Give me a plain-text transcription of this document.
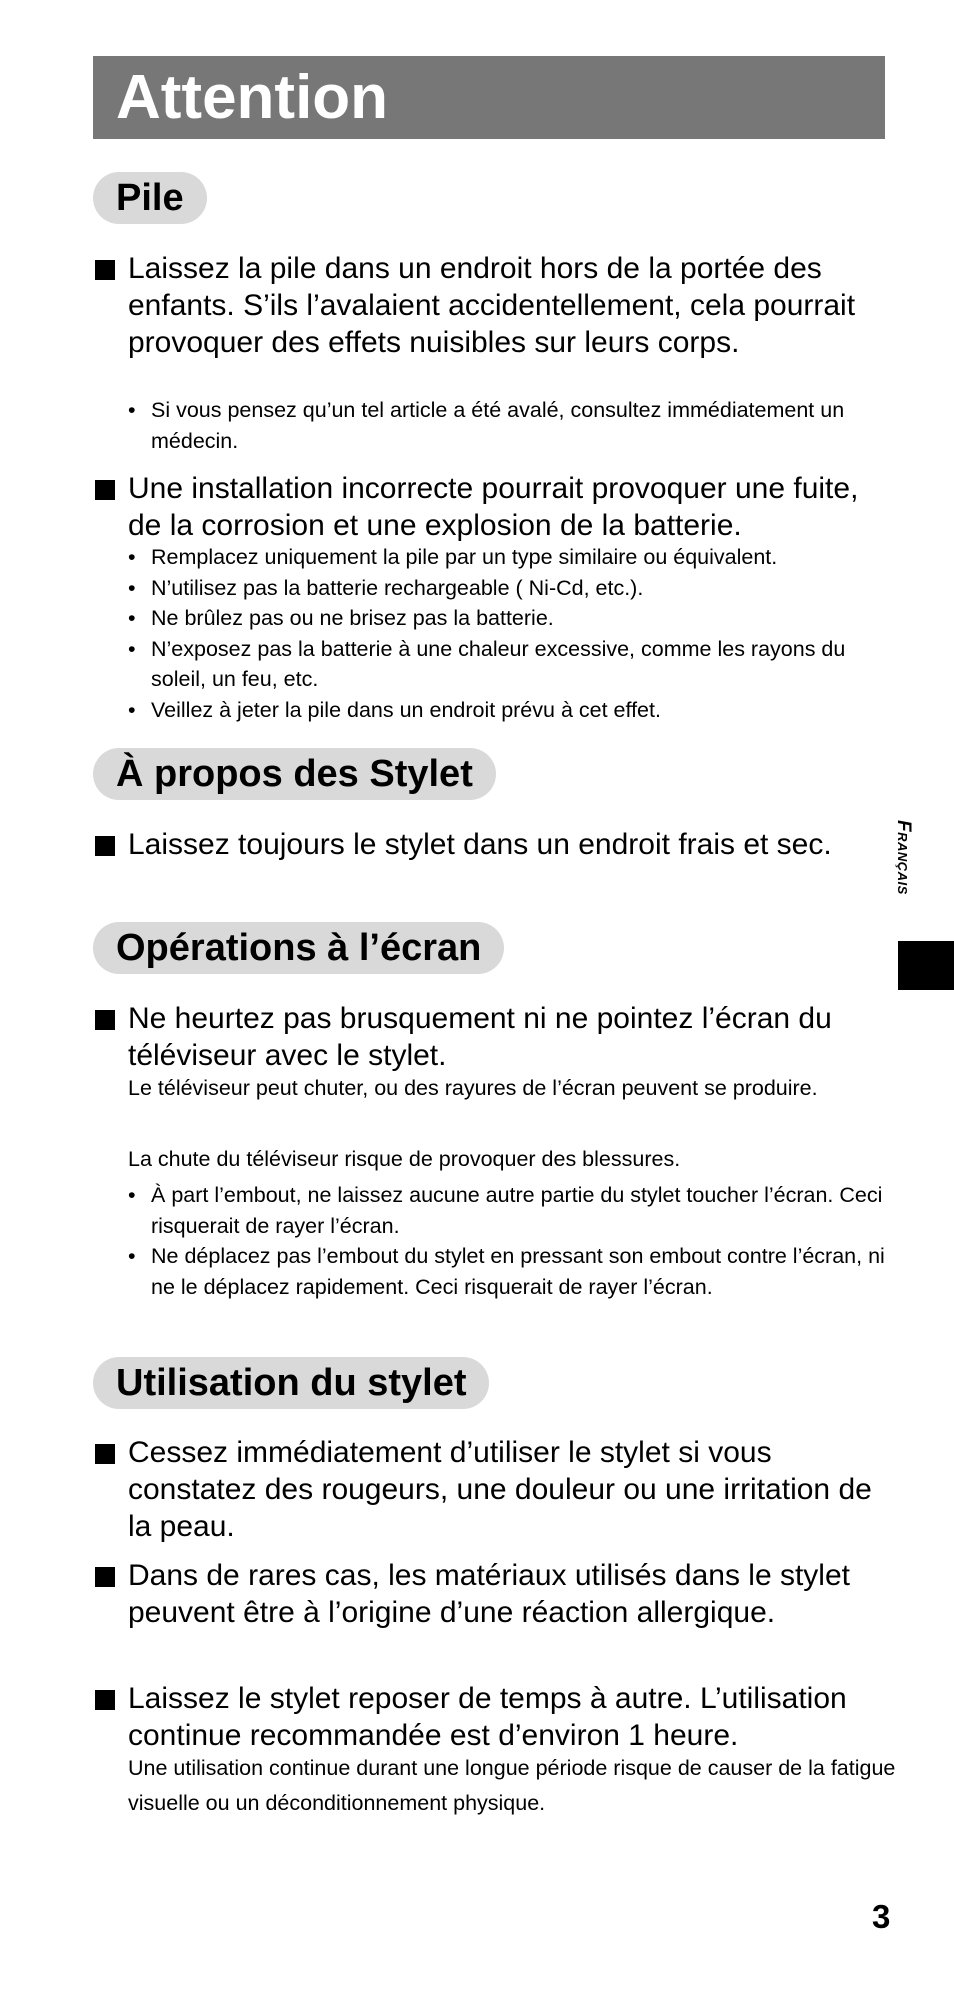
Attention
Pile
Laissez la pile dans un endroit hors de la portée des enfants. S’ils l’avalaient accidentellement, cela pourrait provoquer des effets nuisibles sur leurs corps.
• Si vous pensez qu’un tel article a été avalé, consultez immédiatement un médecin.
Une installation incorrecte pourrait provoquer une fuite, de la corrosion et une explosion de la batterie.
• Remplacez uniquement la pile par un type similaire ou équivalent.
• N’utilisez pas la batterie rechargeable ( Ni-Cd, etc.).
• Ne brûlez pas ou ne brisez pas la batterie.
• N’exposez pas la batterie à une chaleur excessive, comme les rayons du soleil, un feu, etc.
• Veillez à jeter la pile dans un endroit prévu à cet effet.
À propos des Stylet
Laissez toujours le stylet dans un endroit frais et sec.
Opérations à l’écran
Ne heurtez pas brusquement ni ne pointez l’écran du téléviseur avec le stylet.
Le téléviseur peut chuter, ou des rayures de l’écran peuvent se produire.
La chute du téléviseur risque de provoquer des blessures.
• À part l’embout, ne laissez aucune autre partie du stylet toucher l’écran. Ceci risquerait de rayer l’écran.
• Ne déplacez pas l’embout du stylet en pressant son embout contre l’écran, ni ne le déplacez rapidement. Ceci risquerait de rayer l’écran.
Utilisation du stylet
Cessez immédiatement d’utiliser le stylet si vous constatez des rougeurs, une douleur ou une irritation de la peau.
Dans de rares cas, les matériaux utilisés dans le stylet peuvent être à l’origine d’une réaction allergique.
Laissez le stylet reposer de temps à autre. L’utilisation continue recommandée est d’environ 1 heure.
Une utilisation continue durant une longue période risque de causer de la fatigue visuelle ou un déconditionnement physique.
Français
3
